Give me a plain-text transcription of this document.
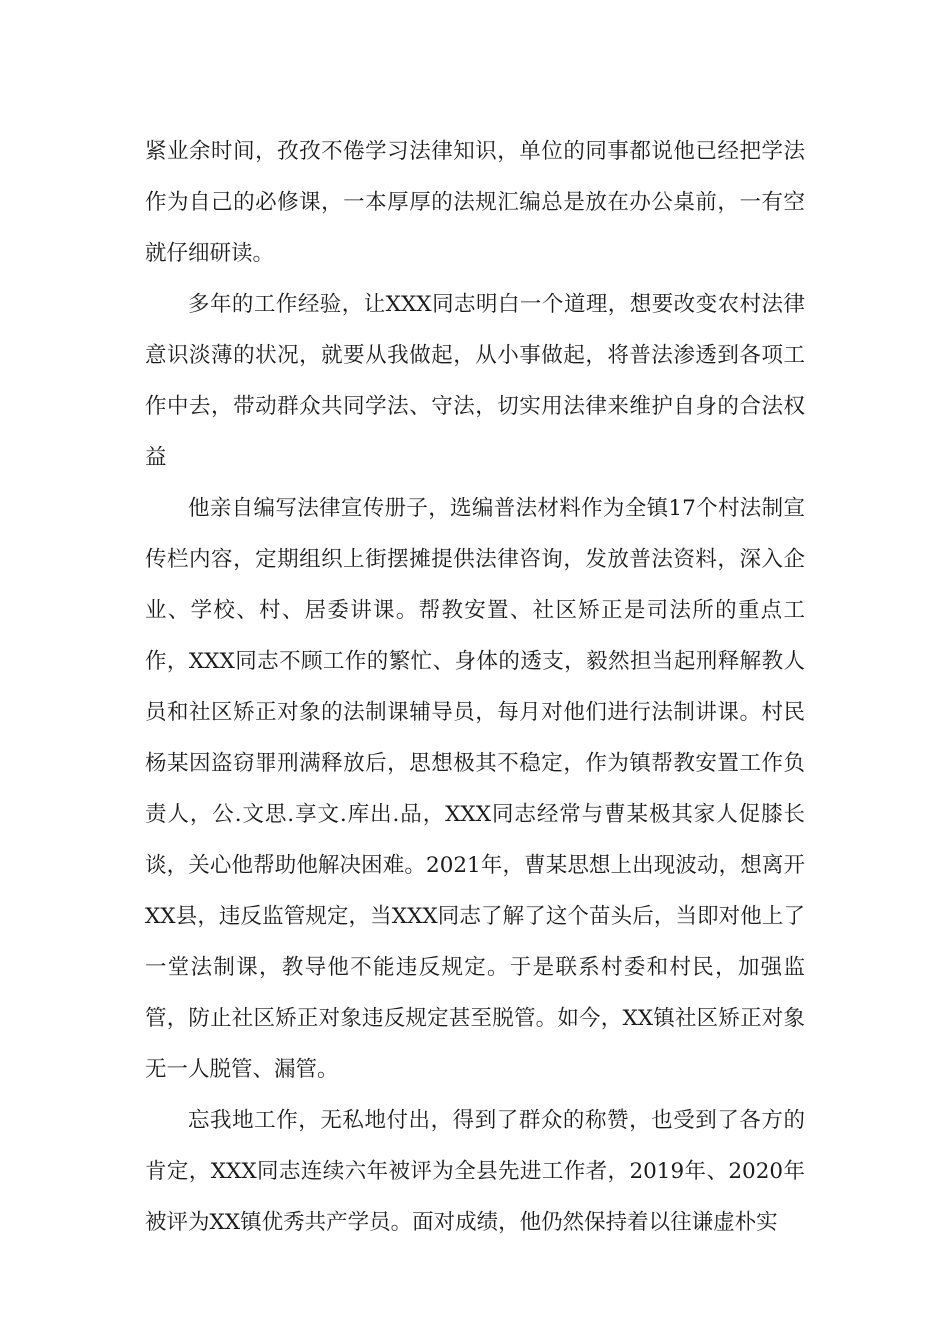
紧业余时间，孜孜不倦学习法律知识，单位的同事都说他已经把学法作为自己的必修课，一本厚厚的法规汇编总是放在办公桌前，一有空就仔细研读。

多年的工作经验，让XXX同志明白一个道理，想要改变农村法律意识淡薄的状况，就要从我做起，从小事做起，将普法渗透到各项工作中去，带动群众共同学法、守法，切实用法律来维护自身的合法权益

他亲自编写法律宣传册子，选编普法材料作为全镇17个村法制宣传栏内容，定期组织上街摆摊提供法律咨询，发放普法资料，深入企业、学校、村、居委讲课。帮教安置、社区矫正是司法所的重点工作，XXX同志不顾工作的繁忙、身体的透支，毅然担当起刑释解教人员和社区矫正对象的法制课辅导员，每月对他们进行法制讲课。村民杨某因盗窃罪刑满释放后，思想极其不稳定，作为镇帮教安置工作负责人，公.文思.享文.库出.品，XXX同志经常与曹某极其家人促膝长谈，关心他帮助他解决困难。2021年，曹某思想上出现波动，想离开XX县，违反监管规定，当XXX同志了解了这个苗头后，当即对他上了一堂法制课，教导他不能违反规定。于是联系村委和村民，加强监管，防止社区矫正对象违反规定甚至脱管。如今，XX镇社区矫正对象无一人脱管、漏管。

忘我地工作，无私地付出，得到了群众的称赞，也受到了各方的肯定，XXX同志连续六年被评为全县先进工作者，2019年、2020年被评为XX镇优秀共产学员。面对成绩，他仍然保持着以往谦虚朴实
